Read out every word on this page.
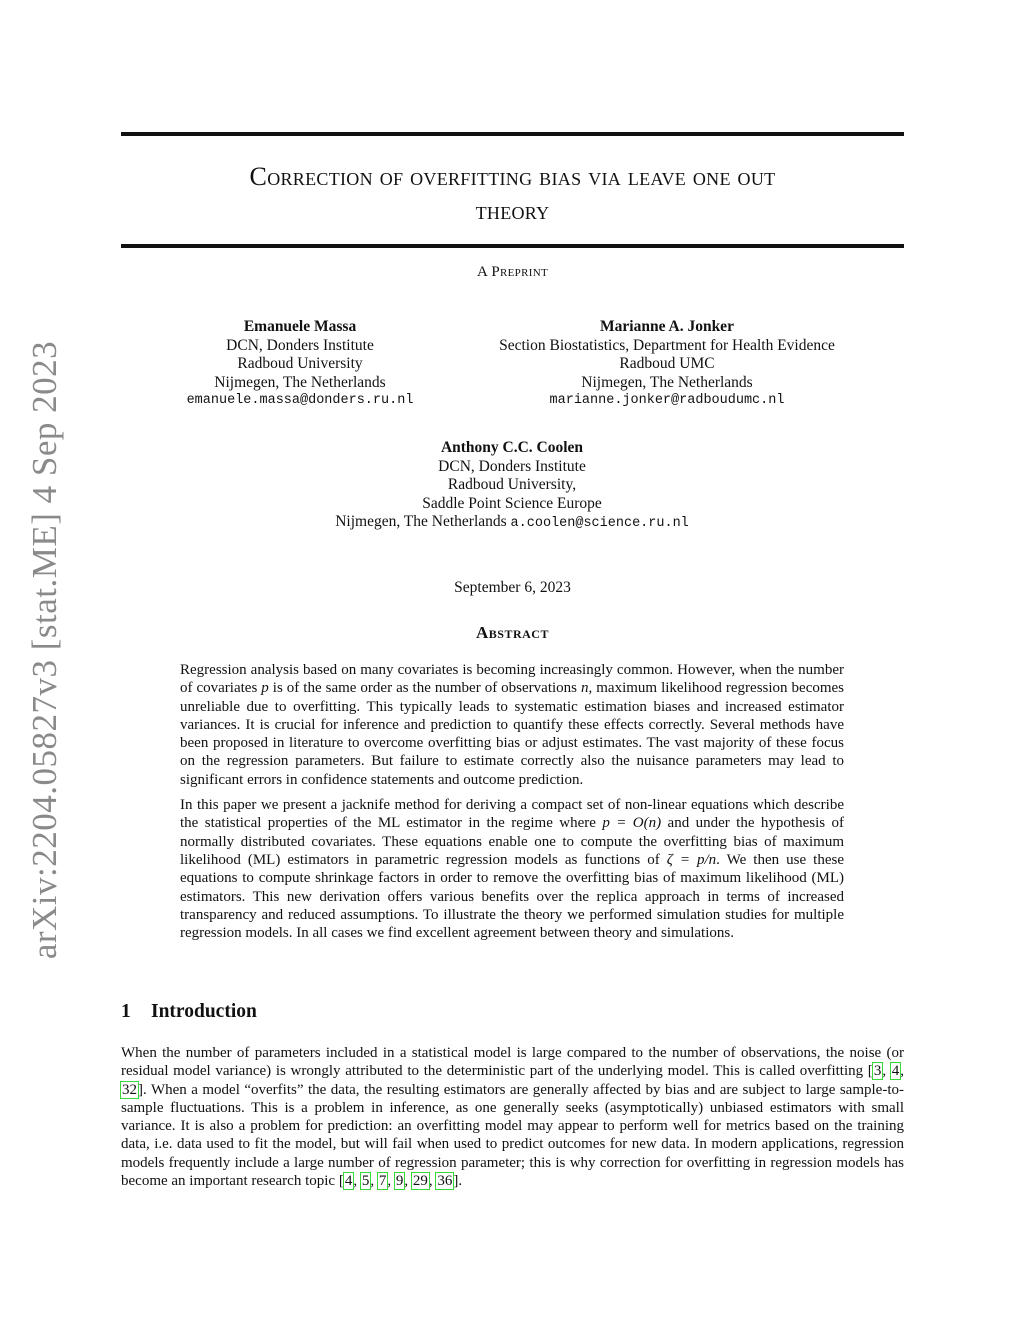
arXiv:2204.05827v3 [stat.ME] 4 Sep 2023
Correction of overfitting bias via leave one out
theory
A Preprint
Emanuele Massa
DCN, Donders Institute
Radboud University
Nijmegen, The Netherlands
emanuele.massa@donders.ru.nl
Marianne A. Jonker
Section Biostatistics, Department for Health Evidence
Radboud UMC
Nijmegen, The Netherlands
marianne.jonker@radboudumc.nl
Anthony C.C. Coolen
DCN, Donders Institute
Radboud University,
Saddle Point Science Europe
Nijmegen, The Netherlands a.coolen@science.ru.nl
September 6, 2023
Abstract

Regression analysis based on many covariates is becoming increasingly common. However, when the number of covariates p is of the same order as the number of observations n, maximum likelihood regression becomes unreliable due to overfitting. This typically leads to systematic estimation biases and increased estimator variances. It is crucial for inference and prediction to quantify these effects correctly. Several methods have been proposed in literature to overcome overfitting bias or adjust estimates. The vast majority of these focus on the regression parameters. But failure to estimate correctly also the nuisance parameters may lead to significant errors in confidence statements and outcome prediction.

In this paper we present a jacknife method for deriving a compact set of non-linear equations which describe the statistical properties of the ML estimator in the regime where p = O(n) and under the hypothesis of normally distributed covariates. These equations enable one to compute the overfitting bias of maximum likelihood (ML) estimators in parametric regression models as functions of ζ = p/n. We then use these equations to compute shrinkage factors in order to remove the overfitting bias of maximum likelihood (ML) estimators. This new derivation offers various benefits over the replica approach in terms of increased transparency and reduced assumptions. To illustrate the theory we performed simulation studies for multiple regression models. In all cases we find excellent agreement between theory and simulations.

1 Introduction

When the number of parameters included in a statistical model is large compared to the number of observations, the noise (or residual model variance) is wrongly attributed to the deterministic part of the underlying model. This is called overfitting [3, 4, 32]. When a model “overfits” the data, the resulting estimators are generally affected by bias and are subject to large sample-to-sample fluctuations. This is a problem in inference, as one generally seeks (asymptotically) unbiased estimators with small variance. It is also a problem for prediction: an overfitting model may appear to perform well for metrics based on the training data, i.e. data used to fit the model, but will fail when used to predict outcomes for new data. In modern applications, regression models frequently include a large number of regression parameter; this is why correction for overfitting in regression models has become an important research topic [4, 5, 7, 9, 29, 36].
